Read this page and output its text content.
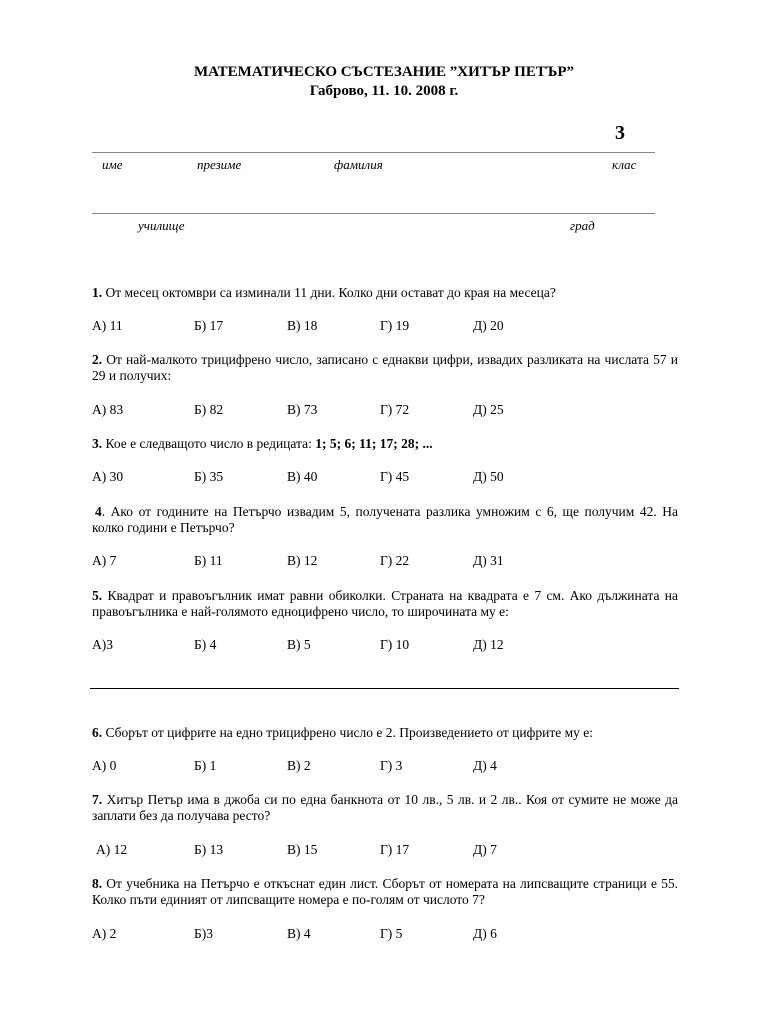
МАТЕМАТИЧЕСКО СЪСТЕЗАНИЕ ”ХИТЪР ПЕТЪР”
Габрово, 11. 10. 2008 г.
3
име	презиме	фамилия	клас
училище	град
1. От месец октомври са изминали 11 дни. Колко дни остават до края на месеца?
А) 11	Б) 17	В) 18	Г) 19	Д) 20
2. От най-малкото трицифрено число, записано с еднакви цифри, извадих разликата на числата 57 и 29 и получих:
А) 83	Б) 82	В) 73	Г) 72	Д) 25
3. Кое е следващото число в редицата: 1; 5; 6; 11; 17; 28; ...
А) 30	Б) 35	В) 40	Г) 45	Д) 50
4. Ако от годините на Петърчо извадим 5, получената разлика умножим с 6, ще получим 42. На колко години е Петърчо?
А) 7	Б) 11	В) 12	Г) 22	Д) 31
5. Квадрат и правоъгълник имат равни обиколки. Страната на квадрата е 7 см. Ако дължината на правоъгълника е най-голямото едноцифрено число, то широчината му е:
А)3	Б) 4	В) 5	Г) 10	Д) 12
6. Сборът от цифрите на едно трицифрено число е 2. Произведението от цифрите му е:
А) 0	Б) 1	В) 2	Г) 3	Д) 4
7. Хитър Петър има в джоба си по една банкнота от 10 лв., 5 лв. и 2 лв.. Коя от сумите не може да заплати без да получава ресто?
А) 12	Б) 13	В) 15	Г) 17	Д) 7
8. От учебника на Петърчо е откъснат един лист. Сборът от номерата на липсващите страници е 55. Колко пъти единият от липсващите номера е по-голям от числото 7?
А) 2	Б)3	В) 4	Г) 5	Д) 6
